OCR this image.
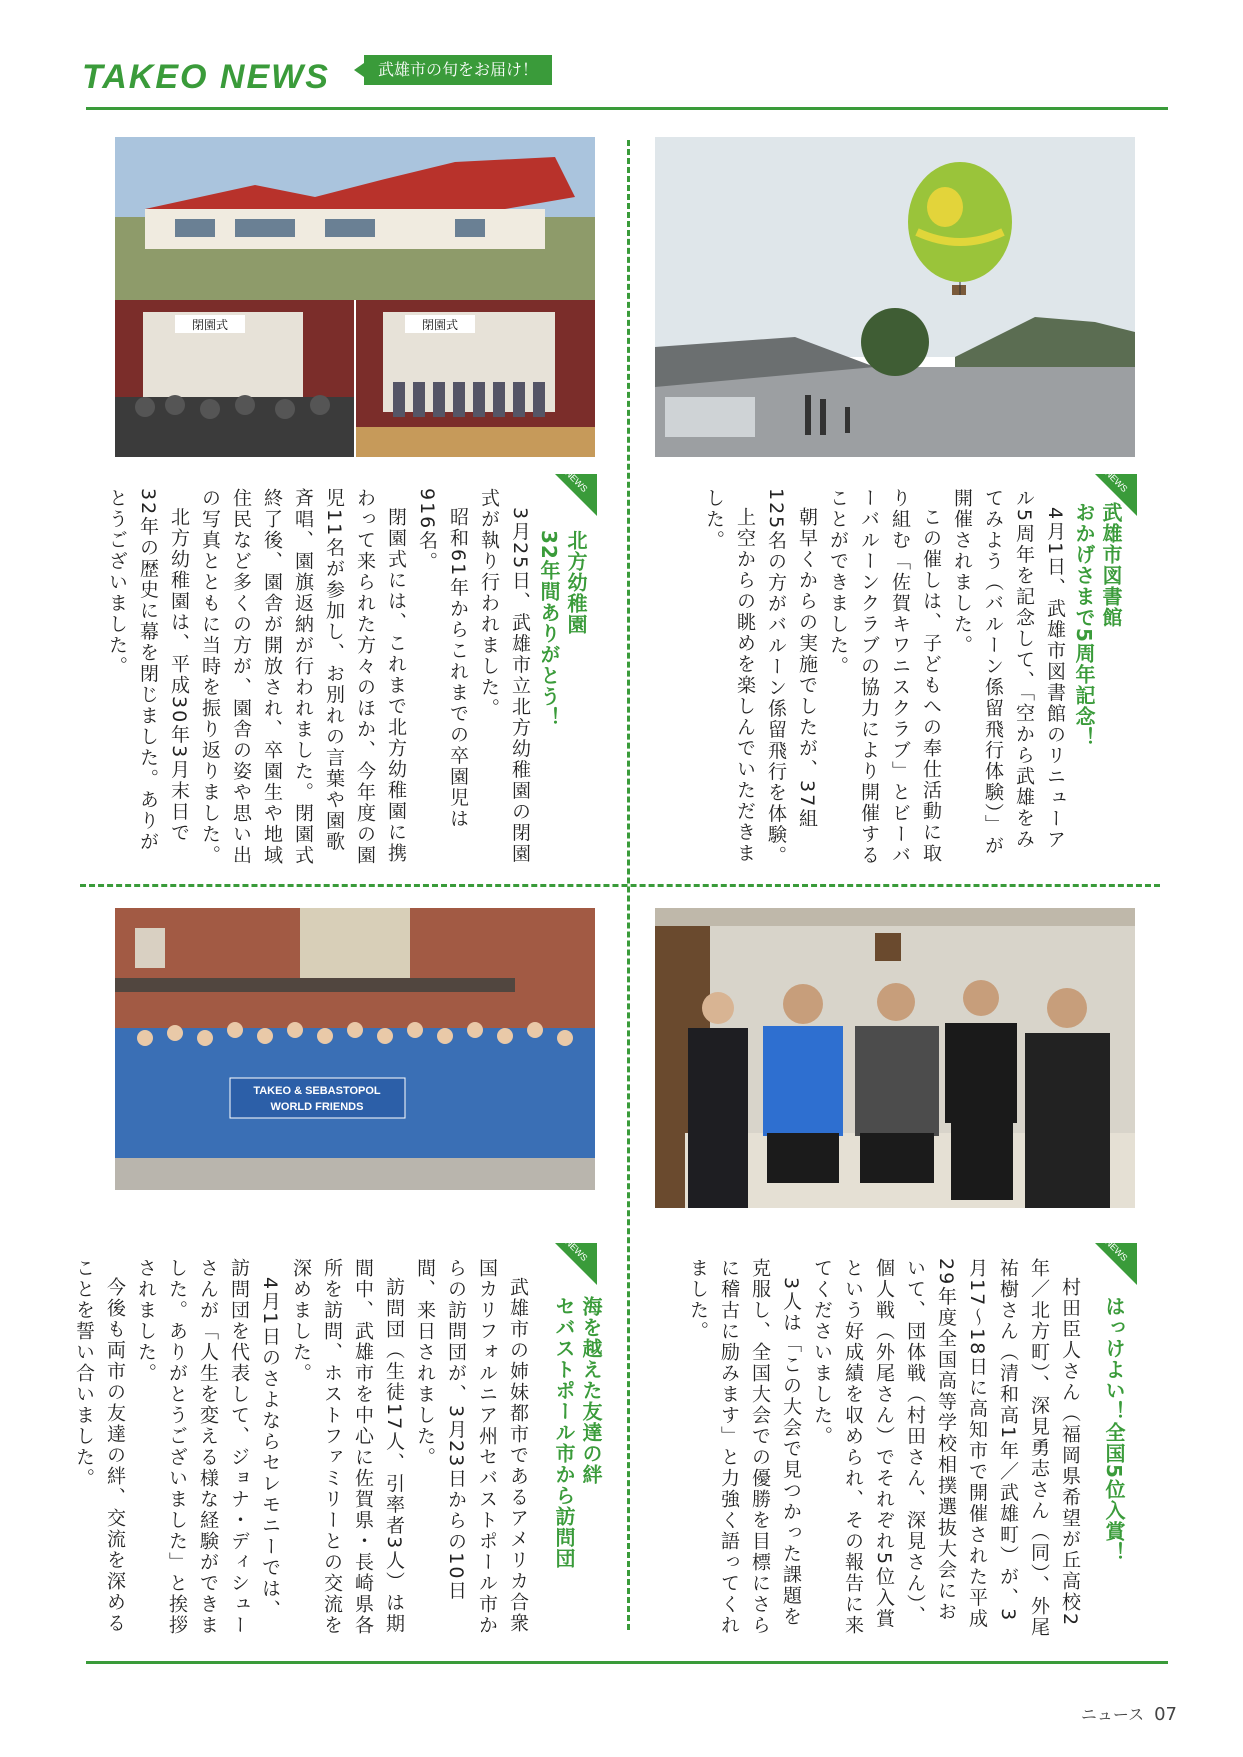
TAKEO NEWS	武雄市の旬をお届け！
閉園式	閉園式
TAKEO & SEBASTOPOL
WORLD FRIENDS
NEWS
武雄市図書館
おかげさまで5周年記念！

4月1日、武雄市図書館のリニューアル5周年を記念して、「空から武雄をみてみよう（バルーン係留飛行体験）」が開催されました。

この催しは、子どもへの奉仕活動に取り組む「佐賀キワニスクラブ」とビーバーバルーンクラブの協力により開催することができました。

朝早くからの実施でしたが、37組125名の方がバルーン係留飛行を体験。

上空からの眺めを楽しんでいただきました。

NEWS
北方幼稚園
32年間ありがとう！

3月25日、武雄市立北方幼稚園の閉園式が執り行われました。

昭和61年からこれまでの卒園児は916名。

閉園式には、これまで北方幼稚園に携わって来られた方々のほか、今年度の園児11名が参加し、お別れの言葉や園歌斉唱、園旗返納が行われました。閉園式終了後、園舎が開放され、卒園生や地域住民など多くの方が、園舎の姿や思い出の写真とともに当時を振り返りました。

北方幼稚園は、平成30年3月末日で32年の歴史に幕を閉じました。ありがとうございました。

NEWS
はっけよい！全国5位入賞！

村田臣人さん（福岡県希望が丘高校2年／北方町）、深見勇志さん（同）、外尾祐樹さん（清和高1年／武雄町）が、3月17～18日に高知市で開催された平成29年度全国高等学校相撲選抜大会において、団体戦（村田さん、深見さん）、個人戦（外尾さん）でそれぞれ5位入賞という好成績を収められ、その報告に来てくださいました。

3人は「この大会で見つかった課題を克服し、全国大会での優勝を目標にさらに稽古に励みます」と力強く語ってくれました。

NEWS
海を越えた友達の絆
セバストポール市から訪問団

武雄市の姉妹都市であるアメリカ合衆国カリフォルニア州セバストポール市からの訪問団が、3月23日からの10日間、来日されました。

訪問団（生徒17人、引率者3人）は期間中、武雄市を中心に佐賀県・長崎県各所を訪問、ホストファミリーとの交流を深めました。

4月1日のさよならセレモニーでは、訪問団を代表して、ジョナ・ディシューさんが「人生を変える様な経験ができました。ありがとうございました」と挨拶されました。

今後も両市の友達の絆、交流を深めることを誓い合いました。

ニュース 07
